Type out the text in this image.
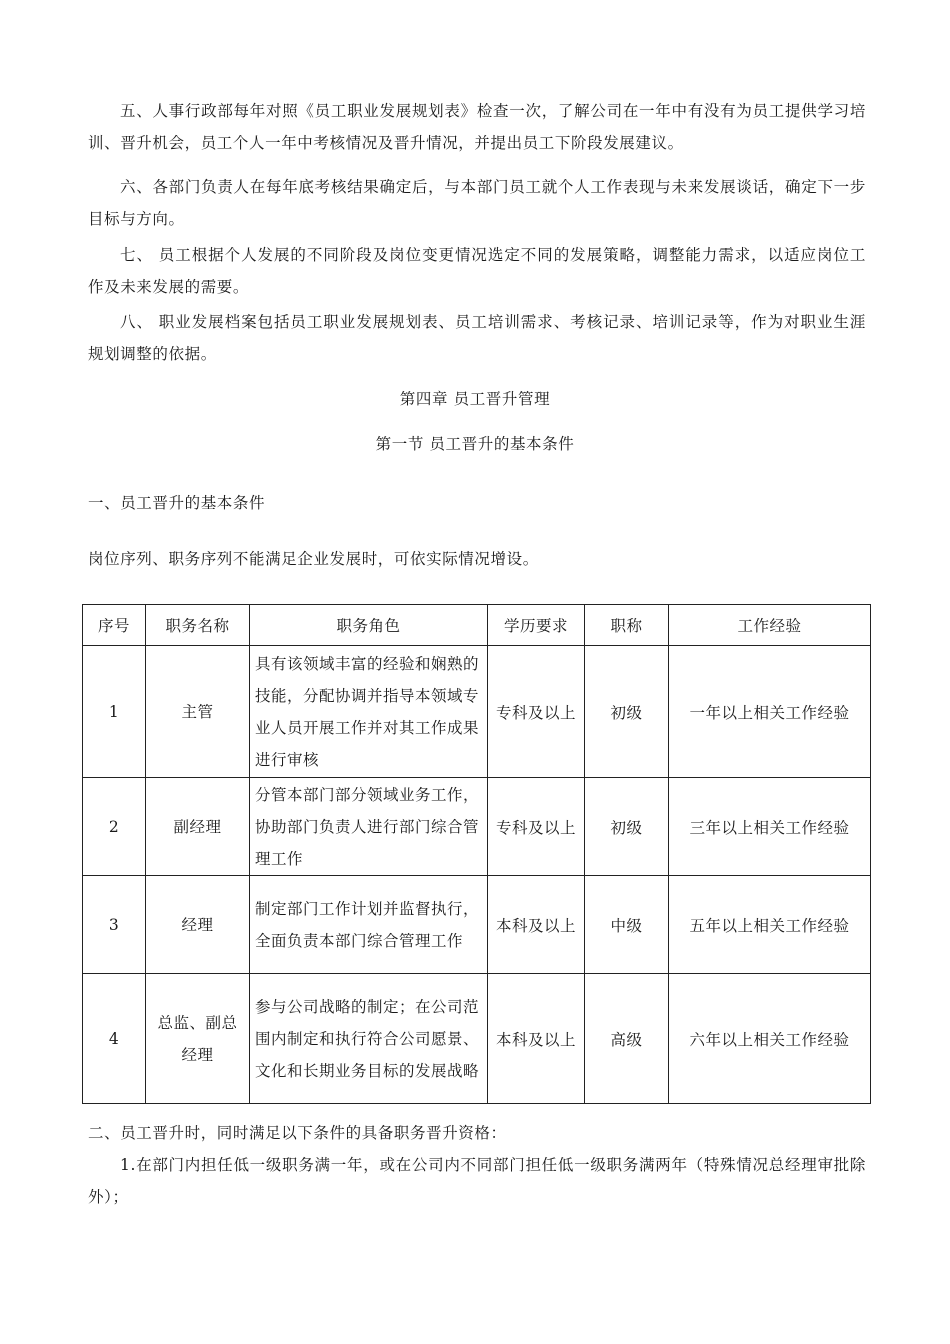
五、人事行政部每年对照《员工职业发展规划表》检查一次，了解公司在一年中有没有为员工提供学习培训、晋升机会，员工个人一年中考核情况及晋升情况，并提出员工下阶段发展建议。

六、各部门负责人在每年底考核结果确定后，与本部门员工就个人工作表现与未来发展谈话，确定下一步目标与方向。

七、 员工根据个人发展的不同阶段及岗位变更情况选定不同的发展策略，调整能力需求，以适应岗位工作及未来发展的需要。

八、 职业发展档案包括员工职业发展规划表、员工培训需求、考核记录、培训记录等，作为对职业生涯规划调整的依据。

第四章 员工晋升管理
第一节 员工晋升的基本条件
一、员工晋升的基本条件
岗位序列、职务序列不能满足企业发展时，可依实际情况增设。
序号	职务名称	职务角色	学历要求	职称	工作经验
1	主管	具有该领域丰富的经验和娴熟的技能，分配协调并指导本领域专业人员开展工作并对其工作成果进行审核	专科及以上	初级	一年以上相关工作经验
2	副经理	分管本部门部分领域业务工作，协助部门负责人进行部门综合管理工作	专科及以上	初级	三年以上相关工作经验
3	经理	制定部门工作计划并监督执行，全面负责本部门综合管理工作	本科及以上	中级	五年以上相关工作经验
4	总监、副总经理	参与公司战略的制定；在公司范围内制定和执行符合公司愿景、文化和长期业务目标的发展战略	本科及以上	高级	六年以上相关工作经验
二、员工晋升时，同时满足以下条件的具备职务晋升资格：

1.在部门内担任低一级职务满一年，或在公司内不同部门担任低一级职务满两年（特殊情况总经理审批除外）；
